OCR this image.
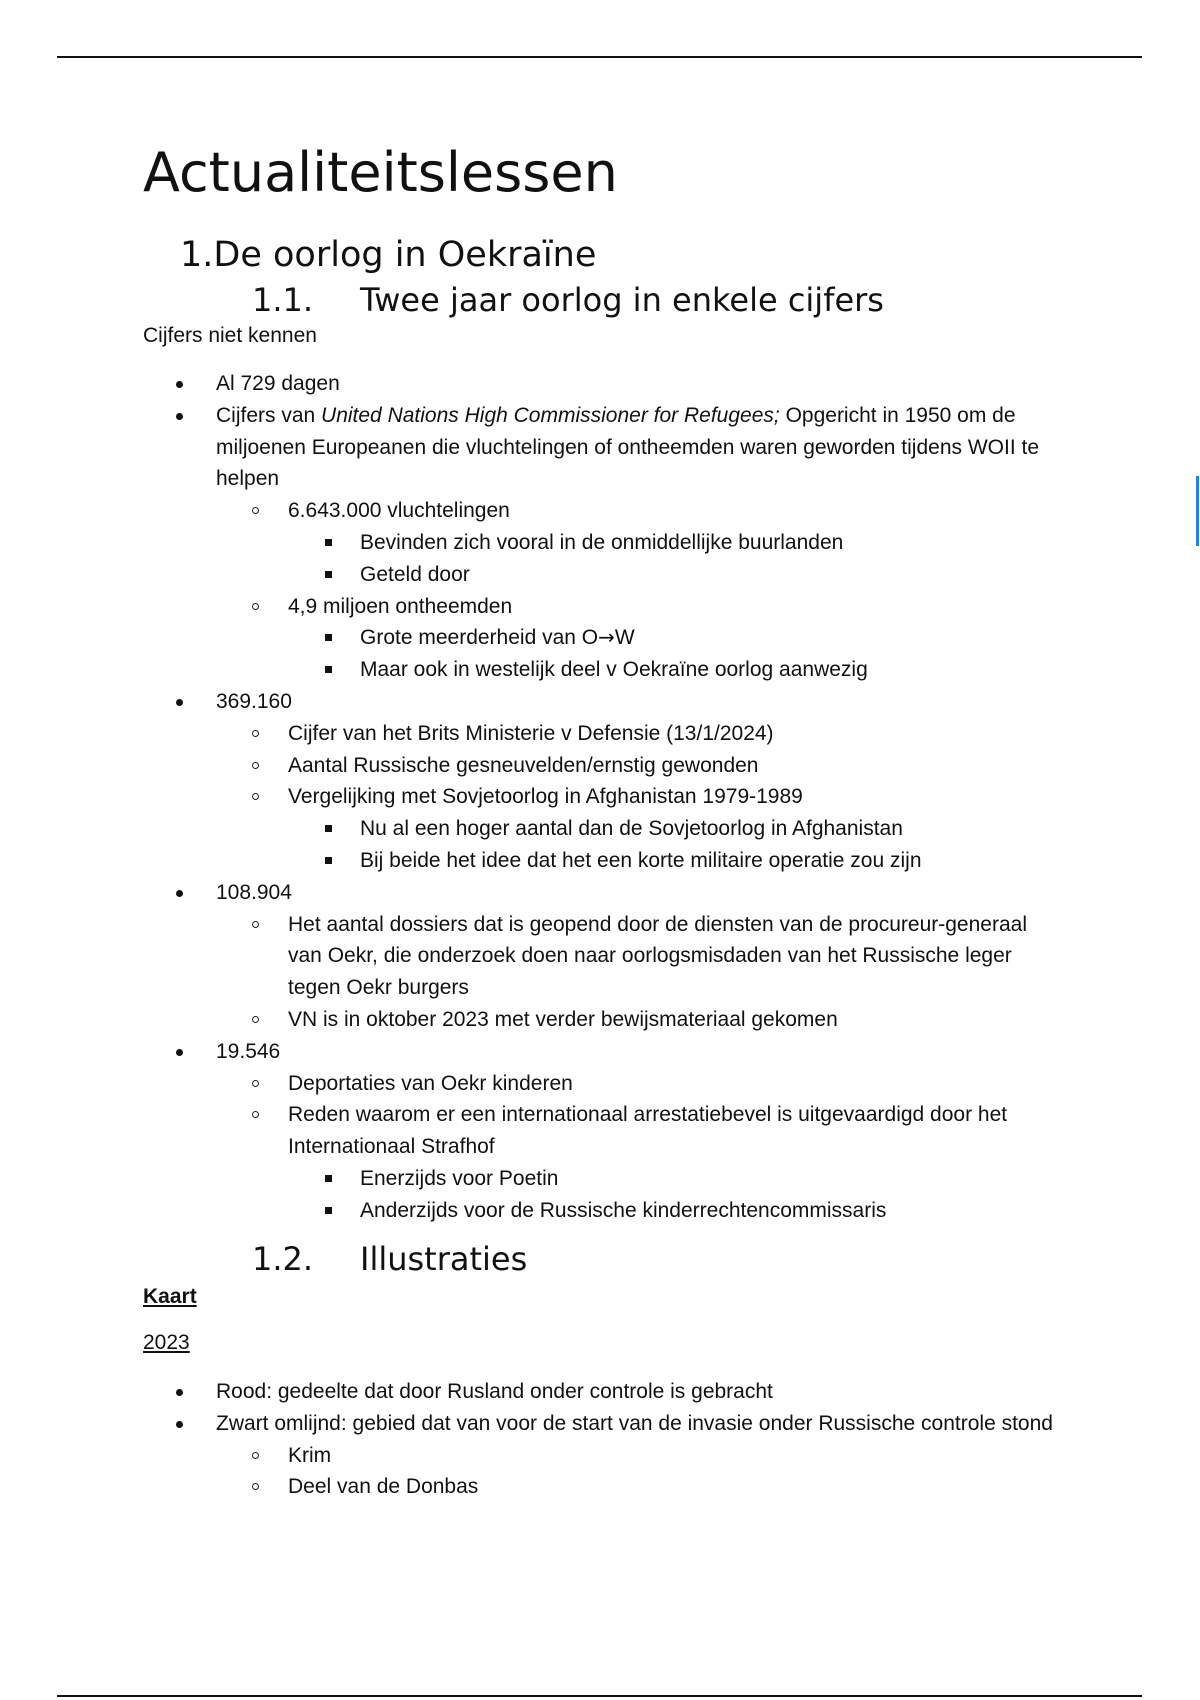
Actualiteitslessen
1.De oorlog in Oekraïne
1.1. Twee jaar oorlog in enkele cijfers

Cijfers niet kennen

Al 729 dagen
Cijfers van United Nations High Commissioner for Refugees; Opgericht in 1950 om de miljoenen Europeanen die vluchtelingen of ontheemden waren geworden tijdens WOII te helpen
6.643.000 vluchtelingen
Bevinden zich vooral in de onmiddellijke buurlanden
Geteld door
4,9 miljoen ontheemden
Grote meerderheid van O→W
Maar ook in westelijk deel v Oekraïne oorlog aanwezig
369.160
Cijfer van het Brits Ministerie v Defensie (13/1/2024)
Aantal Russische gesneuvelden/ernstig gewonden
Vergelijking met Sovjetoorlog in Afghanistan 1979-1989
Nu al een hoger aantal dan de Sovjetoorlog in Afghanistan
Bij beide het idee dat het een korte militaire operatie zou zijn
108.904
Het aantal dossiers dat is geopend door de diensten van de procureur-generaal van Oekr, die onderzoek doen naar oorlogsmisdaden van het Russische leger tegen Oekr burgers
VN is in oktober 2023 met verder bewijsmateriaal gekomen
19.546
Deportaties van Oekr kinderen
Reden waarom er een internationaal arrestatiebevel is uitgevaardigd door het Internationaal Strafhof
Enerzijds voor Poetin
Anderzijds voor de Russische kinderrechtencommissaris
1.2. Illustraties

Kaart

2023

Rood: gedeelte dat door Rusland onder controle is gebracht
Zwart omlijnd: gebied dat van voor de start van de invasie onder Russische controle stond
Krim
Deel van de Donbas
